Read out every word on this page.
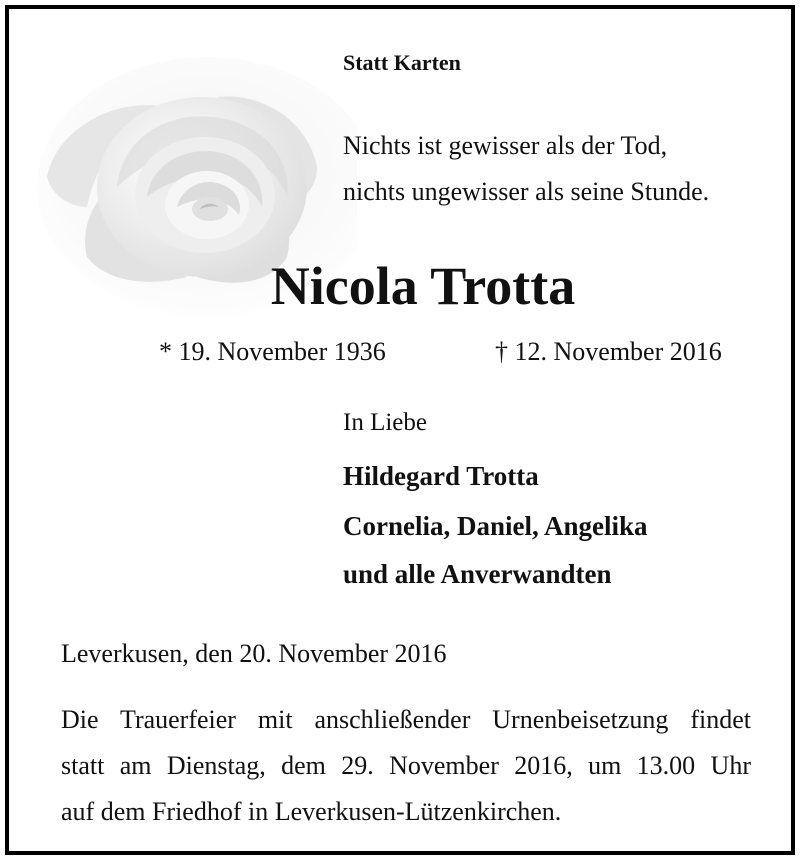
Statt Karten
Nichts ist gewisser als der Tod,
nichts ungewisser als seine Stunde.
Nicola Trotta
* 19. November 1936	† 12. November 2016
In Liebe
Hildegard Trotta
Cornelia, Daniel, Angelika
und alle Anverwandten
Leverkusen, den 20. November 2016
Die Trauerfeier mit anschließender Urnenbeisetzung findet
statt am Dienstag, dem 29. November 2016, um 13.00 Uhr
auf dem Friedhof in Leverkusen-Lützenkirchen.
